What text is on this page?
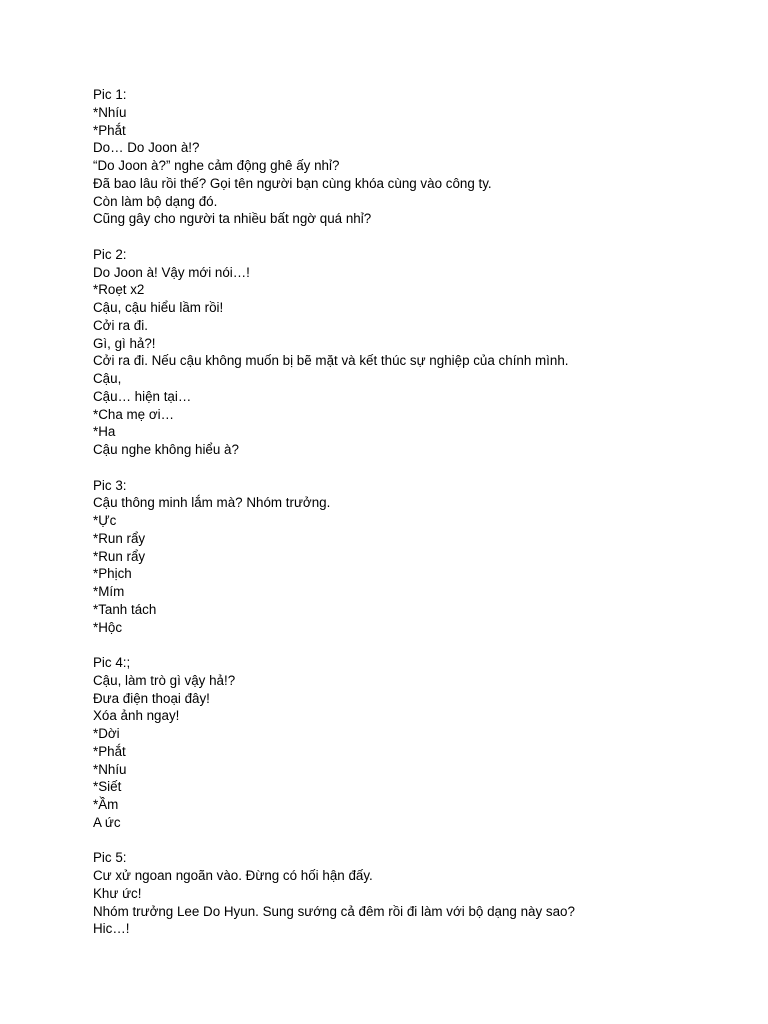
Pic 1:
*Nhíu
*Phắt
Do… Do Joon à!?
“Do Joon à?” nghe cảm động ghê ấy nhỉ?
Đã bao lâu rồi thế? Gọi tên người bạn cùng khóa cùng vào công ty.
Còn làm bộ dạng đó.
Cũng gây cho người ta nhiều bất ngờ quá nhỉ?
Pic 2:
Do Joon à! Vậy mới nói…!
*Roẹt x2
Cậu, cậu hiểu lầm rồi!
Cởi ra đi.
Gì, gì hả?!
Cởi ra đi. Nếu cậu không muốn bị bẽ mặt và kết thúc sự nghiệp của chính mình.
Cậu,
Cậu… hiện tại…
*Cha mẹ ơi…
*Ha
Cậu nghe không hiểu à?
Pic 3:
Cậu thông minh lắm mà? Nhóm trưởng.
*Ực
*Run rẩy
*Run rẩy
*Phịch
*Mím
*Tanh tách
*Hộc
Pic 4:;
Cậu, làm trò gì vậy hả!?
Đưa điện thoại đây!
Xóa ảnh ngay!
*Dời
*Phắt
*Nhíu
*Siết
*Ầm
A ức
Pic 5:
Cư xử ngoan ngoãn vào. Đừng có hối hận đấy.
Khư ức!
Nhóm trưởng Lee Do Hyun. Sung sướng cả đêm rồi đi làm với bộ dạng này sao?
Hic…!
